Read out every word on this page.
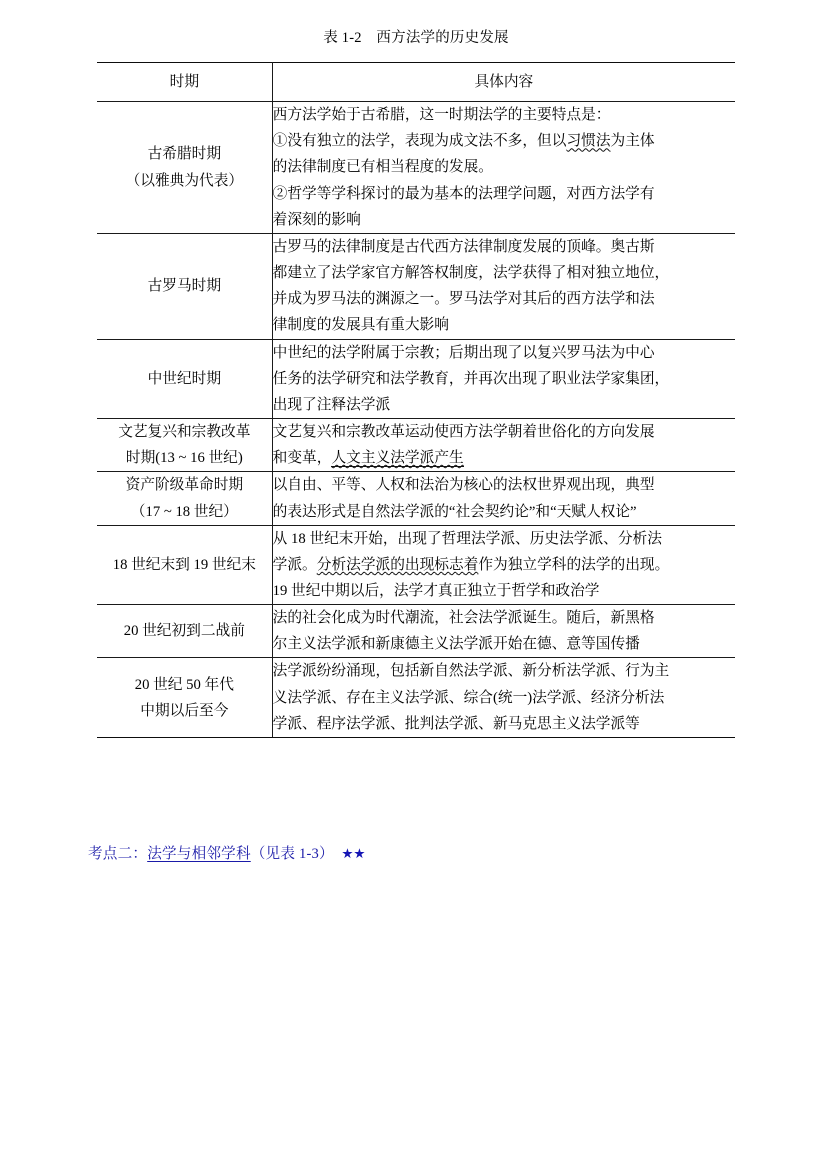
表 1-2　西方法学的历史发展
时期	具体内容

古希腊时期
（以雅典为代表）	西方法学始于古希腊，这一时期法学的主要特点是：
①没有独立的法学，表现为成文法不多，但以习惯法为主体
的法律制度已有相当程度的发展。
②哲学等学科探讨的最为基本的法理学问题，对西方法学有
着深刻的影响

古罗马时期	古罗马的法律制度是古代西方法律制度发展的顶峰。奥古斯
都建立了法学家官方解答权制度，法学获得了相对独立地位，
并成为罗马法的渊源之一。罗马法学对其后的西方法学和法
律制度的发展具有重大影响

中世纪时期	中世纪的法学附属于宗教；后期出现了以复兴罗马法为中心
任务的法学研究和法学教育，并再次出现了职业法学家集团，
出现了注释法学派

文艺复兴和宗教改革
时期(13 ~ 16 世纪)	文艺复兴和宗教改革运动使西方法学朝着世俗化的方向发展
和变革，人文主义法学派产生

资产阶级革命时期
（17 ~ 18 世纪）	以自由、平等、人权和法治为核心的法权世界观出现，典型
的表达形式是自然法学派的“社会契约论”和“天赋人权论”

18 世纪末到 19 世纪末	从 18 世纪末开始，出现了哲理法学派、历史法学派、分析法
学派。分析法学派的出现标志着作为独立学科的法学的出现。
19 世纪中期以后，法学才真正独立于哲学和政治学

20 世纪初到二战前	法的社会化成为时代潮流，社会法学派诞生。随后，新黑格
尔主义法学派和新康德主义法学派开始在德、意等国传播

20 世纪 50 年代
中期以后至今	法学派纷纷涌现，包括新自然法学派、新分析法学派、行为主
义法学派、存在主义法学派、综合(统一)法学派、经济分析法
学派、程序法学派、批判法学派、新马克思主义法学派等
考点二：法学与相邻学科（见表 1-3）　 ★★
